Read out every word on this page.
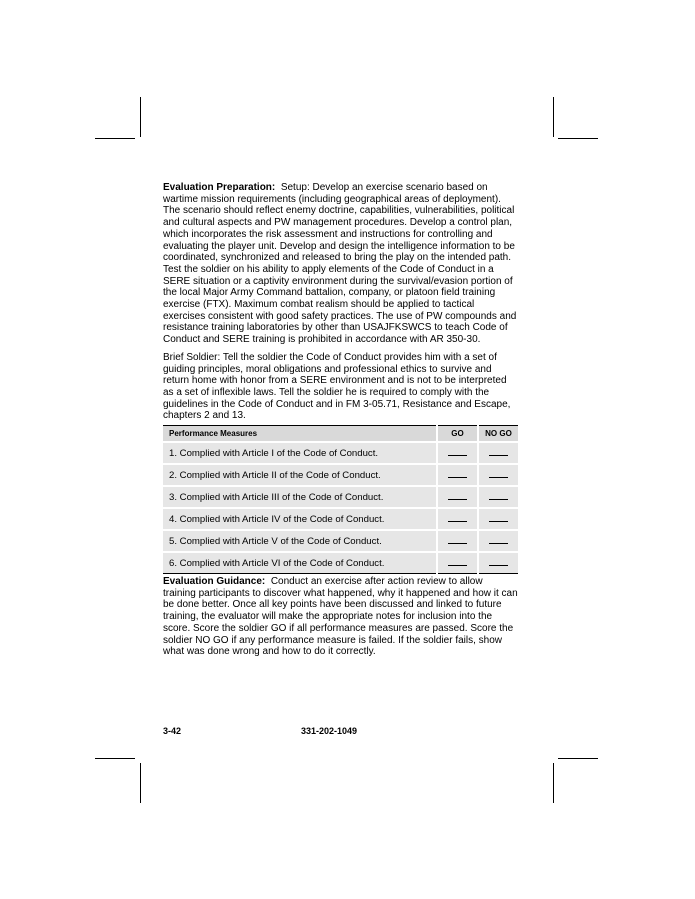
Evaluation Preparation: Setup: Develop an exercise scenario based on wartime mission requirements (including geographical areas of deployment). The scenario should reflect enemy doctrine, capabilities, vulnerabilities, political and cultural aspects and PW management procedures. Develop a control plan, which incorporates the risk assessment and instructions for controlling and evaluating the player unit. Develop and design the intelligence information to be coordinated, synchronized and released to bring the play on the intended path. Test the soldier on his ability to apply elements of the Code of Conduct in a SERE situation or a captivity environment during the survival/evasion portion of the local Major Army Command battalion, company, or platoon field training exercise (FTX). Maximum combat realism should be applied to tactical exercises consistent with good safety practices. The use of PW compounds and resistance training laboratories by other than USAJFKSWCS to teach Code of Conduct and SERE training is prohibited in accordance with AR 350-30.

Brief Soldier: Tell the soldier the Code of Conduct provides him with a set of guiding principles, moral obligations and professional ethics to survive and return home with honor from a SERE environment and is not to be interpreted as a set of inflexible laws. Tell the soldier he is required to comply with the guidelines in the Code of Conduct and in FM 3-05.71, Resistance and Escape, chapters 2 and 13.

Performance Measures	GO	NO GO
1. Complied with Article I of the Code of Conduct.		
2. Complied with Article II of the Code of Conduct.		
3. Complied with Article III of the Code of Conduct.		
4. Complied with Article IV of the Code of Conduct.		
5. Complied with Article V of the Code of Conduct.		
6. Complied with Article VI of the Code of Conduct.		

Evaluation Guidance: Conduct an exercise after action review to allow training participants to discover what happened, why it happened and how it can be done better. Once all key points have been discussed and linked to future training, the evaluator will make the appropriate notes for inclusion into the score. Score the soldier GO if all performance measures are passed. Score the soldier NO GO if any performance measure is failed. If the soldier fails, show what was done wrong and how to do it correctly.

3-42	331-202-1049
